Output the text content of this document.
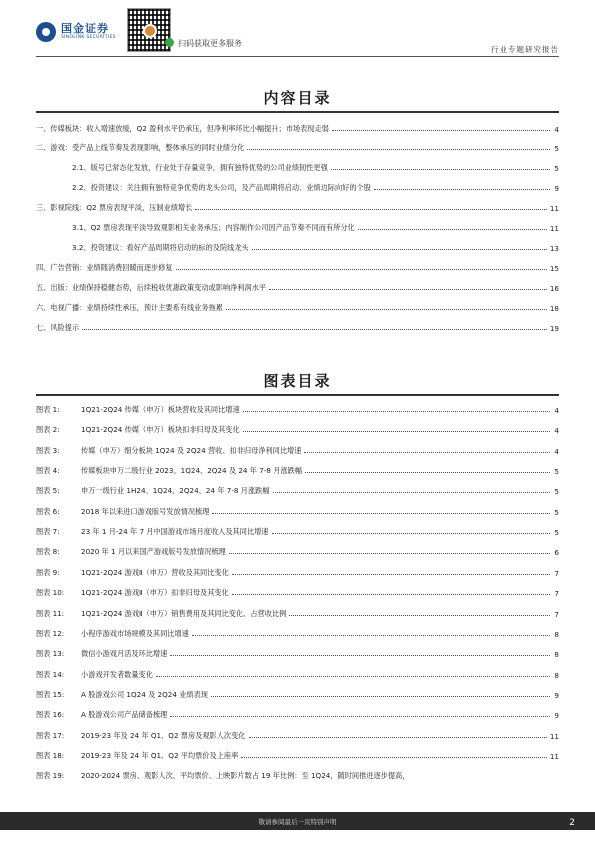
国金证券
SINOLINK SECURITIES
扫码获取更多服务
行业专题研究报告
内容目录
一、传媒板块：收入增速放缓，Q2 盈利水平仍承压，但净利率环比小幅提升；市场表现走弱	4
二、游戏：受产品上线节奏及表现影响，整体承压的同时业绩分化	5
2.1、版号已常态化发放，行业处于存量竞争，拥有独特优势的公司业绩韧性更强	5
2.2、投资建议：关注拥有独特竞争优势的龙头公司，及产品周期将启动、业绩边际向好的个股	9
三、影视院线：Q2 票房表现平淡，压制业绩增长	11
3.1、Q2 票房表现平淡导致观影相关业务承压；内容制作公司因产品节奏不同而有所分化	11
3.2、投资建议：看好产品周期将启动的标的及院线龙头	13
四、广告营销：业绩随消费回暖而逐步修复	15
五、出版：业绩保持稳健态势，后续税收优惠政策变动或影响净利润水平	16
六、电视广播：业绩持续性承压，预计主要系有线业务拖累	18
七、风险提示	19
图表目录
图表 1:	1Q21-2Q24 传媒（申万）板块营收及其同比增速	4
图表 2:	1Q21-2Q24 传媒（申万）板块扣非归母及其变化	4
图表 3:	传媒（申万）细分板块 1Q24 及 2Q24 营收、扣非归母净利同比增速	4
图表 4:	传媒板块申万二级行业 2023、1Q24、2Q24 及 24 年 7-8 月涨跌幅	5
图表 5:	申万一级行业 1H24、1Q24、2Q24、24 年 7-8 月涨跌幅	5
图表 6:	2018 年以来进口游戏版号发放情况梳理	5
图表 7:	23 年 1 月-24 年 7 月中国游戏市场月度收入及其同比增速	5
图表 8:	2020 年 1 月以来国产游戏版号发放情况梳理	6
图表 9:	1Q21-2Q24 游戏Ⅱ（申万）营收及其同比变化	7
图表 10:	1Q21-2Q24 游戏Ⅱ（申万）扣非归母及其变化	7
图表 11:	1Q21-2Q24 游戏Ⅱ（申万）销售费用及其同比变化、占营收比例	7
图表 12:	小程序游戏市场规模及其同比增速	8
图表 13:	微信小游戏月活及环比增速	8
图表 14:	小游戏开发者数量变化	8
图表 15:	A 股游戏公司 1Q24 及 2Q24 业绩表现	9
图表 16:	A 股游戏公司产品储备梳理	9
图表 17:	2019-23 年及 24 年 Q1、Q2 票房及观影人次变化	11
图表 18:	2019-23 年及 24 年 Q1、Q2 平均票价及上座率	11
图表 19:	2020-2024 票房、观影人次、平均票价、上映影片数占 19 年比例：至 1Q24，随时间推进逐步提高，
敬请参阅最后一页特别声明	2
